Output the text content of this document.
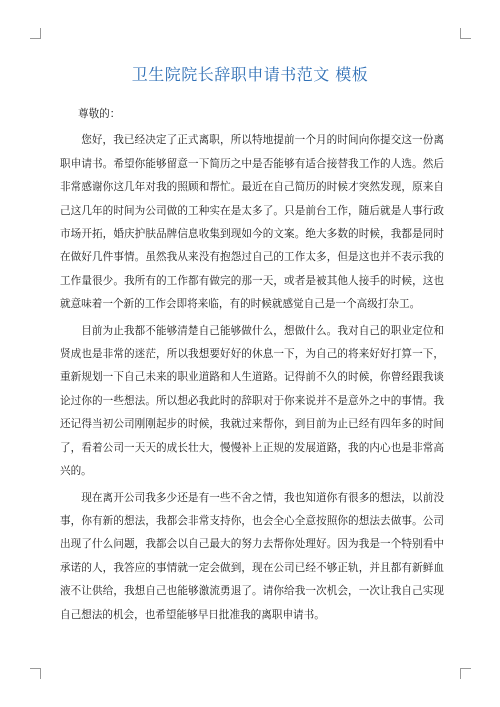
卫生院院长辞职申请书范文 模板
尊敬的：

您好，我已经决定了正式离职，所以特地提前一个月的时间向你提交这一份离职申请书。希望你能够留意一下简历之中是否能够有适合接替我工作的人选。然后非常感谢你这几年对我的照顾和帮忙。最近在自己简历的时候才突然发现，原来自己这几年的时间为公司做的工种实在是太多了。只是前台工作，随后就是人事行政市场开拓，婚庆护肤品牌信息收集到现如今的文案。绝大多数的时候，我都是同时在做好几件事情。虽然我从来没有抱怨过自己的工作太多，但是这也并不表示我的工作量很少。我所有的工作都有做完的那一天，或者是被其他人接手的时候，这也就意味着一个新的工作会即将来临，有的时候就感觉自己是一个高级打杂工。

目前为止我都不能够清楚自己能够做什么，想做什么。我对自己的职业定位和贤成也是非常的迷茫，所以我想要好好的休息一下，为自己的将来好好打算一下，重新规划一下自己未来的职业道路和人生道路。记得前不久的时候，你曾经跟我谈论过你的一些想法。所以想必我此时的辞职对于你来说并不是意外之中的事情。我还记得当初公司刚刚起步的时候，我就过来帮你，到目前为止已经有四年多的时间了，看着公司一天天的成长壮大，慢慢补上正规的发展道路，我的内心也是非常高兴的。

现在离开公司我多少还是有一些不舍之情，我也知道你有很多的想法，以前没事，你有新的想法，我都会非常支持你，也会全心全意按照你的想法去做事。公司出现了什么问题，我都会以自己最大的努力去帮你处理好。因为我是一个特别看中承诺的人，我答应的事情就一定会做到，现在公司已经不够正轨，并且都有新鲜血液不让供给，我想自己也能够激流勇退了。请你给我一次机会，一次让我自己实现自己想法的机会，也希望能够早日批准我的离职申请书。
